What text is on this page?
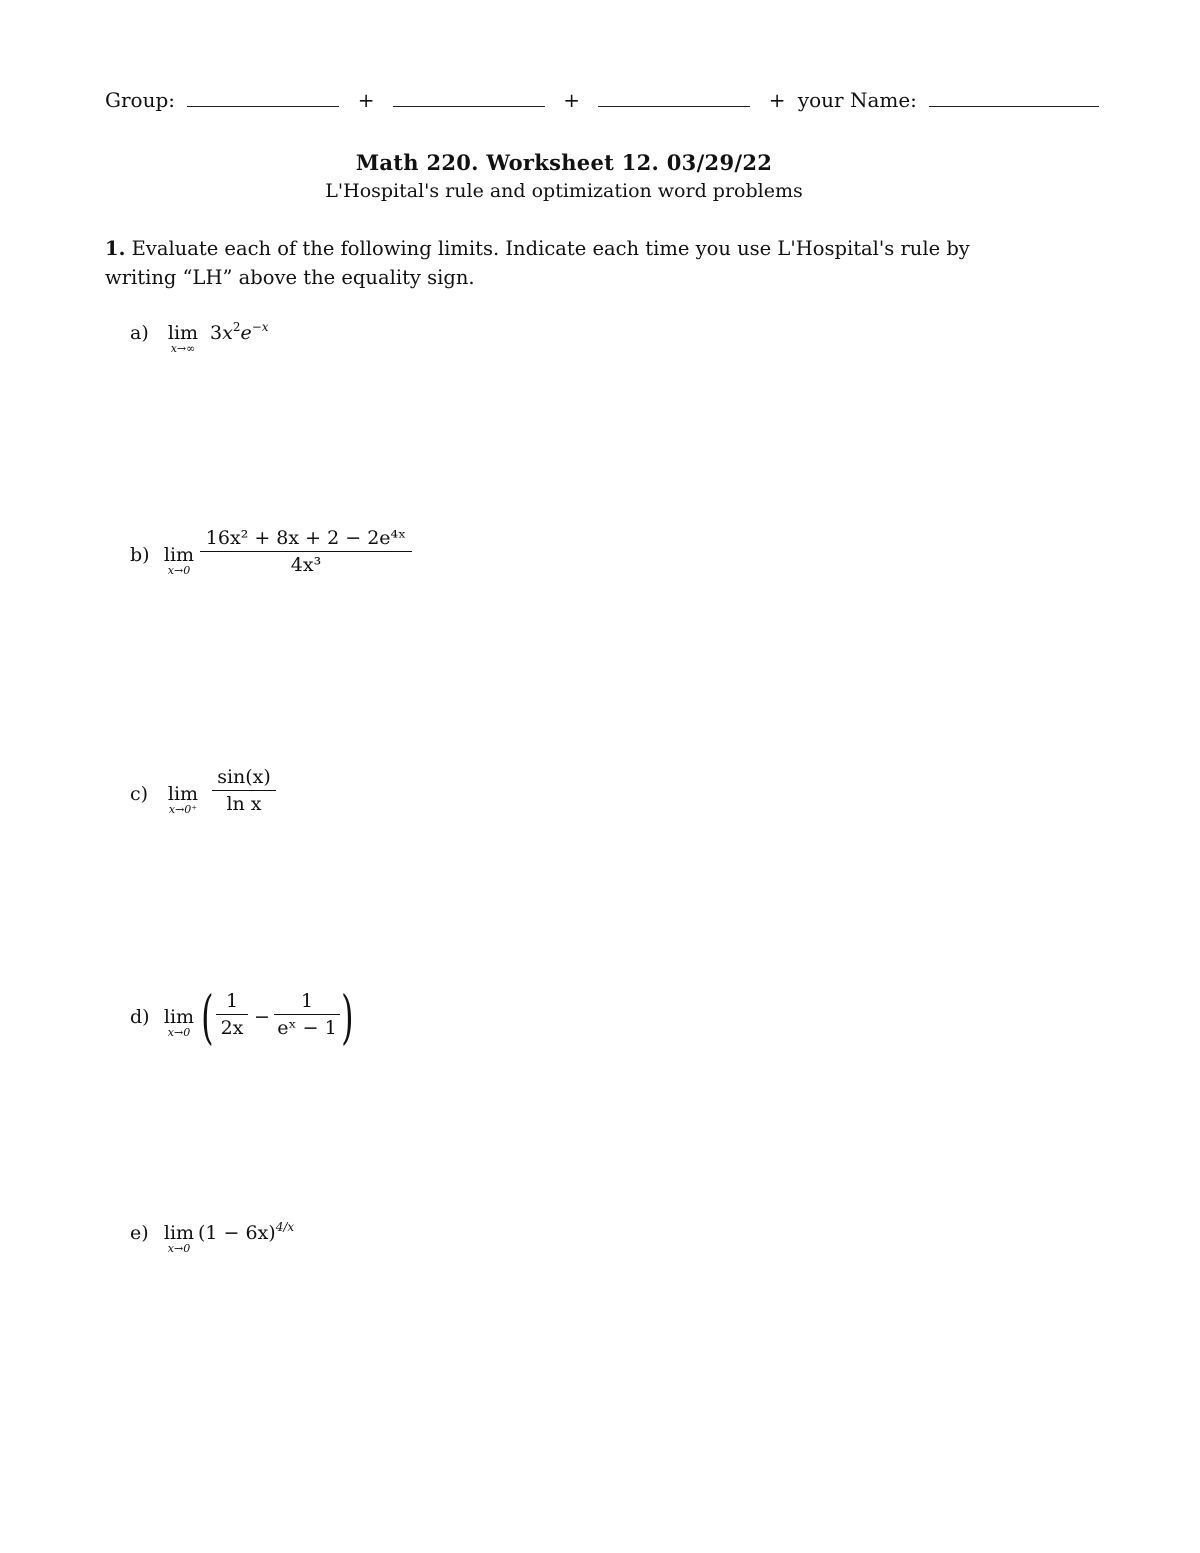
Group:	+	+	+ your Name:
Math 220. Worksheet 12. 03/29/22
L'Hospital's rule and optimization word problems
1. Evaluate each of the following limits. Indicate each time you use L'Hospital's rule by writing “LH” above the equality sign.
a)	lim
x→∞
$3x^2e^{-x}$
b) lim
x→0
16x² + 8x + 2 − 2e⁴ˣ
4x³
c)	lim
x→0⁺
sin(x)
ln x
d) lim
x→0 ( 1
2x −
1
eˣ − 1 )
e) lim
x→0
$(1 - 6x)^{4/x}$
